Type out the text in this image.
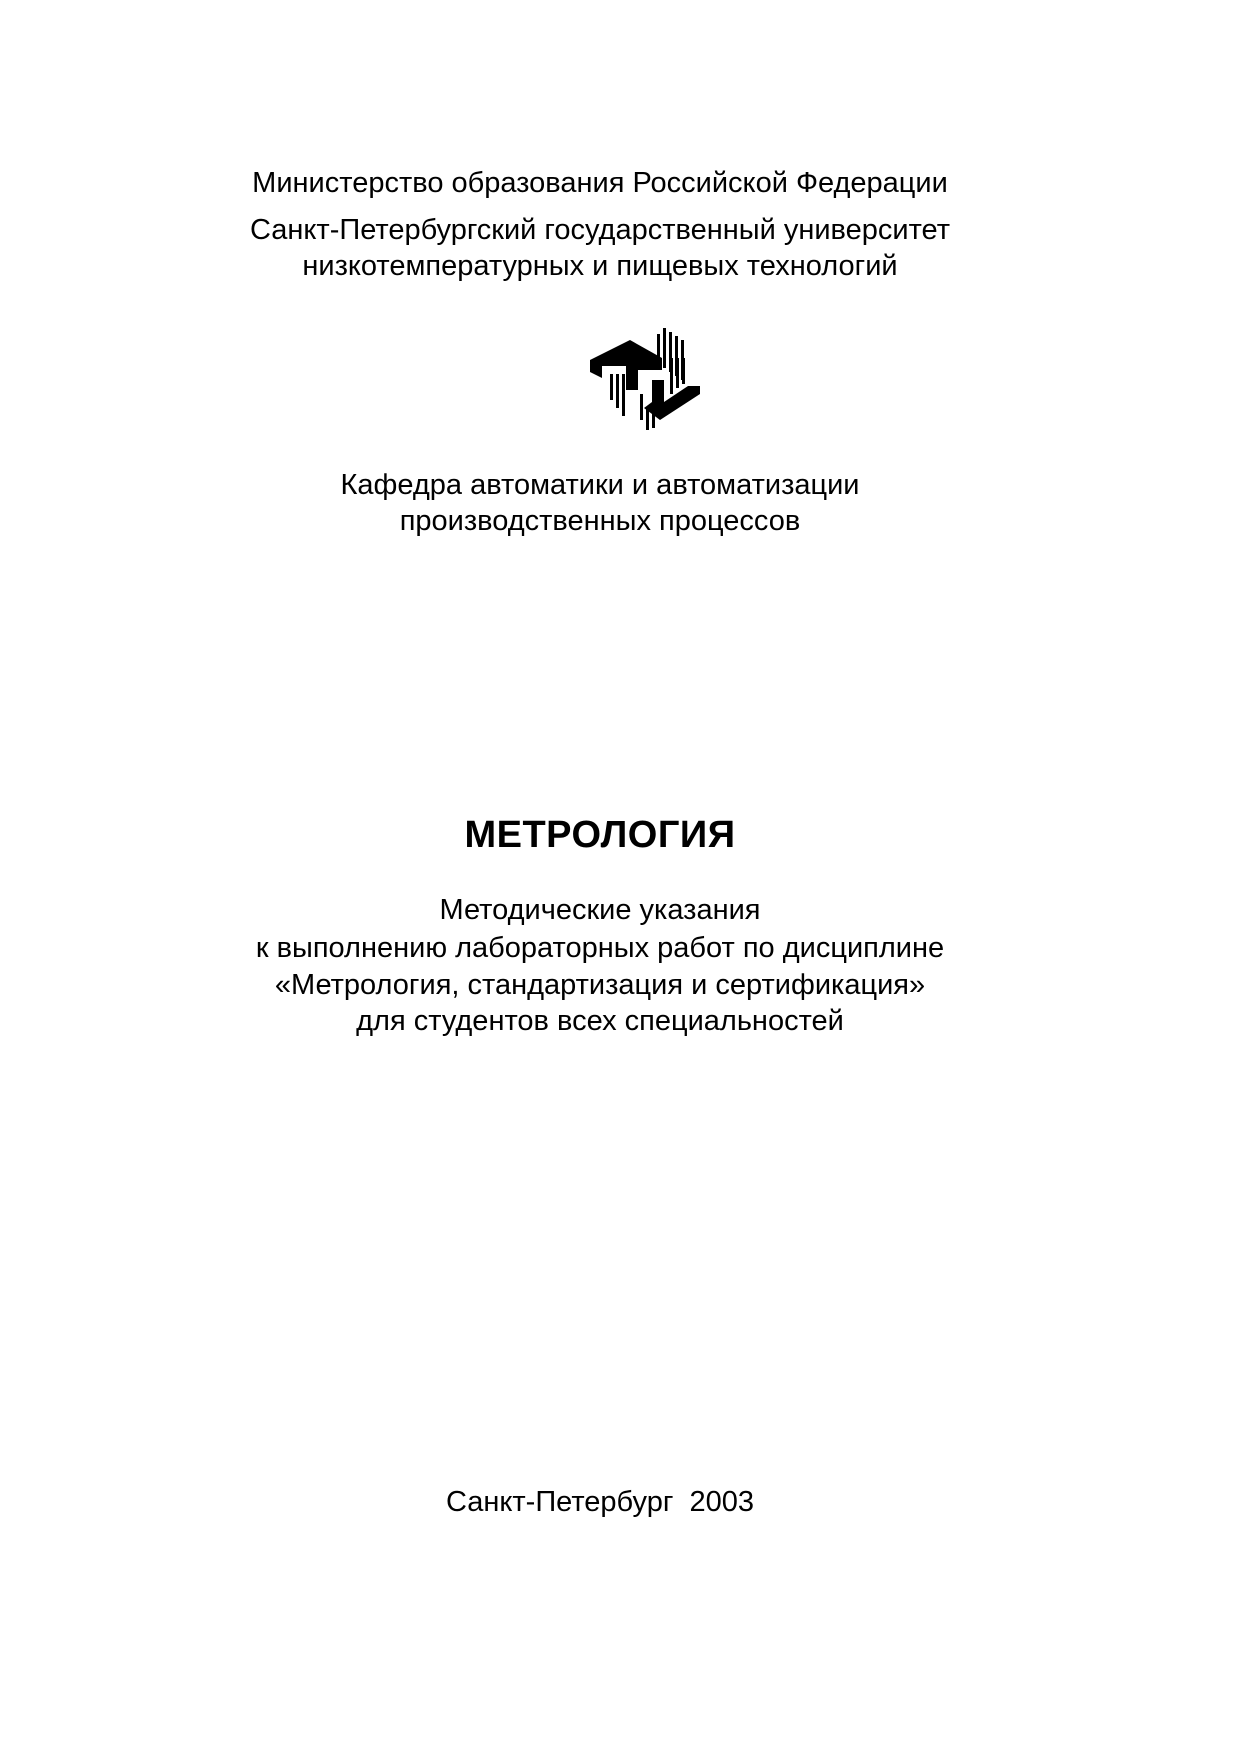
Министерство образования Российской Федерации
Санкт-Петербургский государственный университет
низкотемпературных и пищевых технологий
Кафедра автоматики и автоматизации
производственных процессов
МЕТРОЛОГИЯ
Методические указания
к выполнению лабораторных работ по дисциплине
«Метрология, стандартизация и сертификация»
для студентов всех специальностей
Санкт-Петербург  2003
